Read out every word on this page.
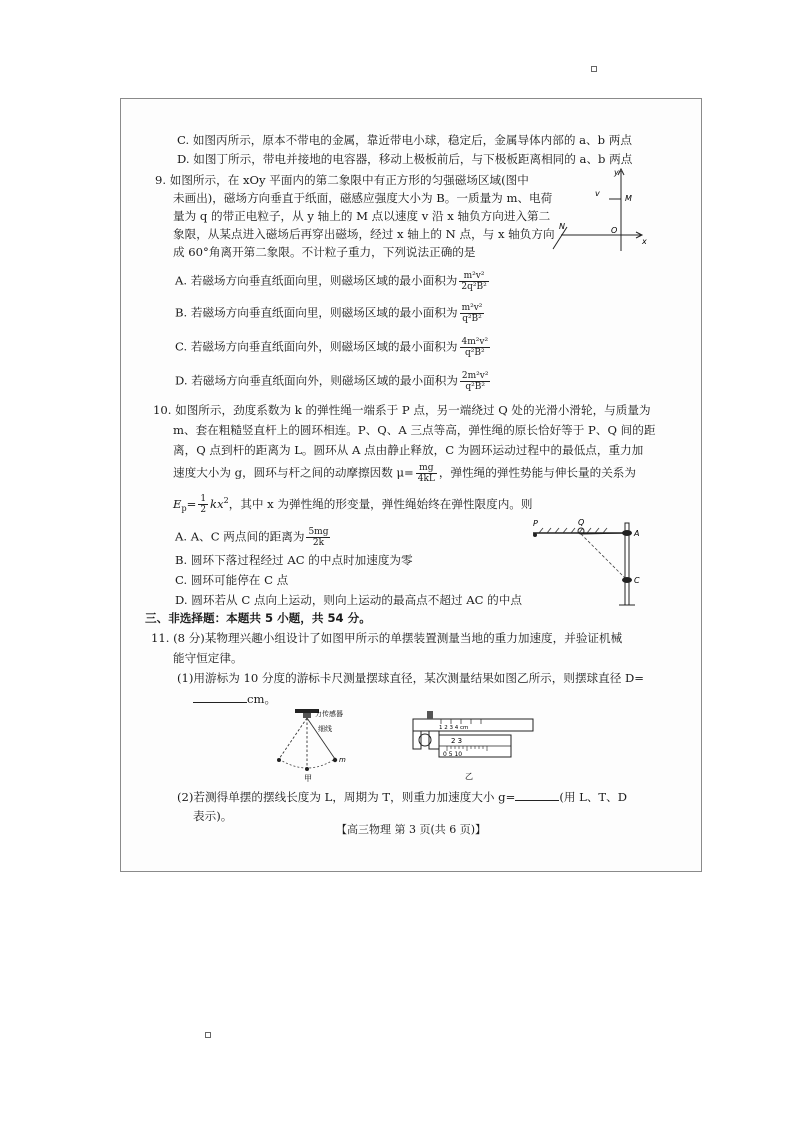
C. 如图丙所示，原本不带电的金属，靠近带电小球，稳定后，金属导体内部的 a、b 两点
D. 如图丁所示，带电并接地的电容器，移动上极板前后，与下极板距离相同的 a、b 两点
9. 如图所示，在 xOy 平面内的第二象限中有正方形的匀强磁场区域(图中
未画出)，磁场方向垂直于纸面，磁感应强度大小为 B。一质量为 m、电荷
量为 q 的带正电粒子，从 y 轴上的 M 点以速度 v 沿 x 轴负方向进入第二
象限，从某点进入磁场后再穿出磁场，经过 x 轴上的 N 点，与 x 轴负方向
成 60°角离开第二象限。不计粒子重力，下列说法正确的是
y
x
v
M
N	O
A. 若磁场方向垂直纸面向里，则磁场区域的最小面积为 $\frac{\text{m²v²}}{\text{2q²B²}}$
B. 若磁场方向垂直纸面向里，则磁场区域的最小面积为 $\frac{\text{m²v²}}{\text{q²B²}}$
C. 若磁场方向垂直纸面向外，则磁场区域的最小面积为 $\frac{\text{4m²v²}}{\text{q²B²}}$
D. 若磁场方向垂直纸面向外，则磁场区域的最小面积为 $\frac{\text{2m²v²}}{\text{q²B²}}$
10. 如图所示，劲度系数为 k 的弹性绳一端系于 P 点，另一端绕过 Q 处的光滑小滑轮，与质量为
m、套在粗糙竖直杆上的圆环相连。P、Q、A 三点等高，弹性绳的原长恰好等于 P、Q 间的距
离，Q 点到杆的距离为 L。圆环从 A 点由静止释放，C 为圆环运动过程中的最低点，重力加
速度大小为 g，圆环与杆之间的动摩擦因数 $\mu= \frac{mg}{4kL}$ ，弹性绳的弹性势能与伸长量的关系为
$E_p= \frac{1}{2} kx^2$，其中 x 为弹性绳的形变量，弹性绳始终在弹性限度内。则
A. A、C 两点间的距离为 $\frac{5mg}{2k}$
B. 圆环下落过程经过 AC 的中点时加速度为零
C. 圆环可能停在 C 点
D. 圆环若从 C 点向上运动，则向上运动的最高点不超过 AC 的中点
P	Q
A
C
三、非选择题：本题共 5 小题，共 54 分。
11. (8 分)某物理兴趣小组设计了如图甲所示的单摆装置测量当地的重力加速度，并验证机械
能守恒定律。
(1)用游标为 10 分度的游标卡尺测量摆球直径，某次测量结果如图乙所示，则摆球直径 D=
cm。
力传感器
细线
m
甲
1 2 3 4 cm
2 3
0 5 10
乙
(2)若测得单摆的摆线长度为 L，周期为 T，则重力加速度大小 g=	(用 L、T、D
表示)。
【高三物理 第 3 页(共 6 页)】
